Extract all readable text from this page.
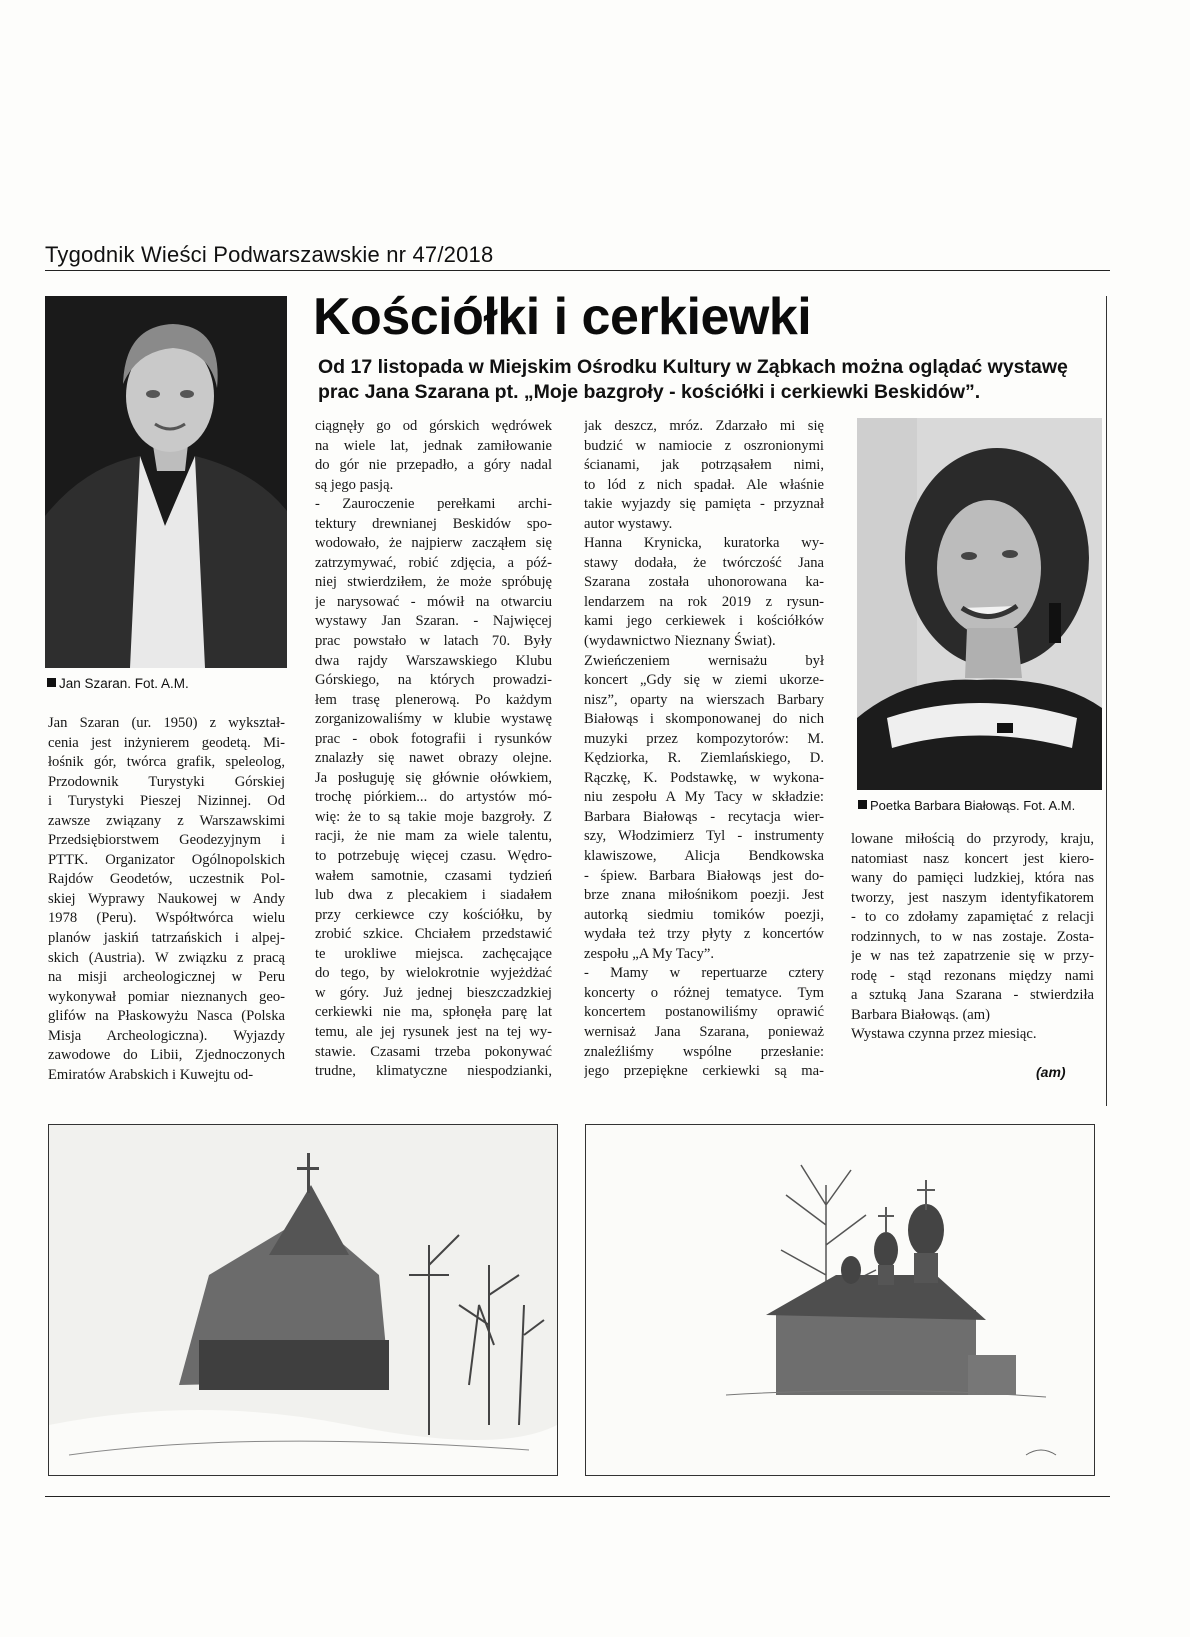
Tygodnik Wieści Podwarszawskie nr 47/2018
Jan Szaran. Fot. A.M.
Kościółki i cerkiewki
Od 17 listopada w Miejskim Ośrodku Kultury w Ząbkach można oglądać wystawę prac Jana Szarana pt. „Moje bazgroły - kościółki i cerkiewki Beskidów”.
Poetka Barbara Białowąs. Fot. A.M.
Jan Szaran (ur. 1950) z wykształ-
cenia jest inżynierem geodetą. Mi-
łośnik gór, twórca grafik, speleolog,
Przodownik Turystyki Górskiej
i Turystyki Pieszej Nizinnej. Od
zawsze związany z Warszawskimi
Przedsiębiorstwem Geodezyjnym i
PTTK. Organizator Ogólnopolskich
Rajdów Geodetów, uczestnik Pol-
skiej Wyprawy Naukowej w Andy
1978 (Peru). Współtwórca wielu
planów jaskiń tatrzańskich i alpej-
skich (Austria). W związku z pracą
na misji archeologicznej w Peru
wykonywał pomiar nieznanych geo-
glifów na Płaskowyżu Nasca (Polska
Misja Archeologiczna). Wyjazdy
zawodowe do Libii, Zjednoczonych
Emiratów Arabskich i Kuwejtu od-
ciągnęły go od górskich wędrówek
na wiele lat, jednak zamiłowanie
do gór nie przepadło, a góry nadal
są jego pasją.
- Zauroczenie perełkami archi-
tektury drewnianej Beskidów spo-
wodowało, że najpierw zacząłem się
zatrzymywać, robić zdjęcia, a póź-
niej stwierdziłem, że może spróbuję
je narysować - mówił na otwarciu
wystawy Jan Szaran. - Najwięcej
prac powstało w latach 70. Były
dwa rajdy Warszawskiego Klubu
Górskiego, na których prowadzi-
łem trasę plenerową. Po każdym
zorganizowaliśmy w klubie wystawę
prac - obok fotografii i rysunków
znalazły się nawet obrazy olejne.
Ja posługuję się głównie ołówkiem,
trochę piórkiem... do artystów mó-
wię: że to są takie moje bazgroły. Z
racji, że nie mam za wiele talentu,
to potrzebuję więcej czasu. Wędro-
wałem samotnie, czasami tydzień
lub dwa z plecakiem i siadałem
przy cerkiewce czy kościółku, by
zrobić szkice. Chciałem przedstawić
te urokliwe miejsca. zachęcające
do tego, by wielokrotnie wyjeżdżać
w góry. Już jednej bieszczadzkiej
cerkiewki nie ma, spłonęła parę lat
temu, ale jej rysunek jest na tej wy-
stawie. Czasami trzeba pokonywać
trudne, klimatyczne niespodzianki,
jak deszcz, mróz. Zdarzało mi się
budzić w namiocie z oszronionymi
ścianami, jak potrząsałem nimi,
to lód z nich spadał. Ale właśnie
takie wyjazdy się pamięta - przyznał
autor wystawy.
Hanna Krynicka, kuratorka wy-
stawy dodała, że twórczość Jana
Szarana została uhonorowana ka-
lendarzem na rok 2019 z rysun-
kami jego cerkiewek i kościółków
(wydawnictwo Nieznany Świat).
Zwieńczeniem wernisażu był
koncert „Gdy się w ziemi ukorze-
nisz”, oparty na wierszach Barbary
Białowąs i skomponowanej do nich
muzyki przez kompozytorów: M.
Kędziorka, R. Ziemlańskiego, D.
Rączkę, K. Podstawkę, w wykona-
niu zespołu A My Tacy w składzie:
Barbara Białowąs - recytacja wier-
szy, Włodzimierz Tyl - instrumenty
klawiszowe, Alicja Bendkowska
- śpiew. Barbara Białowąs jest do-
brze znana miłośnikom poezji. Jest
autorką siedmiu tomików poezji,
wydała też trzy płyty z koncertów
zespołu „A My Tacy”.
- Mamy w repertuarze cztery
koncerty o różnej tematyce. Tym
koncertem postanowiliśmy oprawić
wernisaż Jana Szarana, ponieważ
znaleźliśmy wspólne przesłanie:
jego przepiękne cerkiewki są ma-
lowane miłością do przyrody, kraju,
natomiast nasz koncert jest kiero-
wany do pamięci ludzkiej, która nas
tworzy, jest naszym identyfikatorem
- to co zdołamy zapamiętać z relacji
rodzinnych, to w nas zostaje. Zosta-
je w nas też zapatrzenie się w przy-
rodę - stąd rezonans między nami
a sztuką Jana Szarana - stwierdziła
Barbara Białowąs. (am)
Wystawa czynna przez miesiąc.
(am)
